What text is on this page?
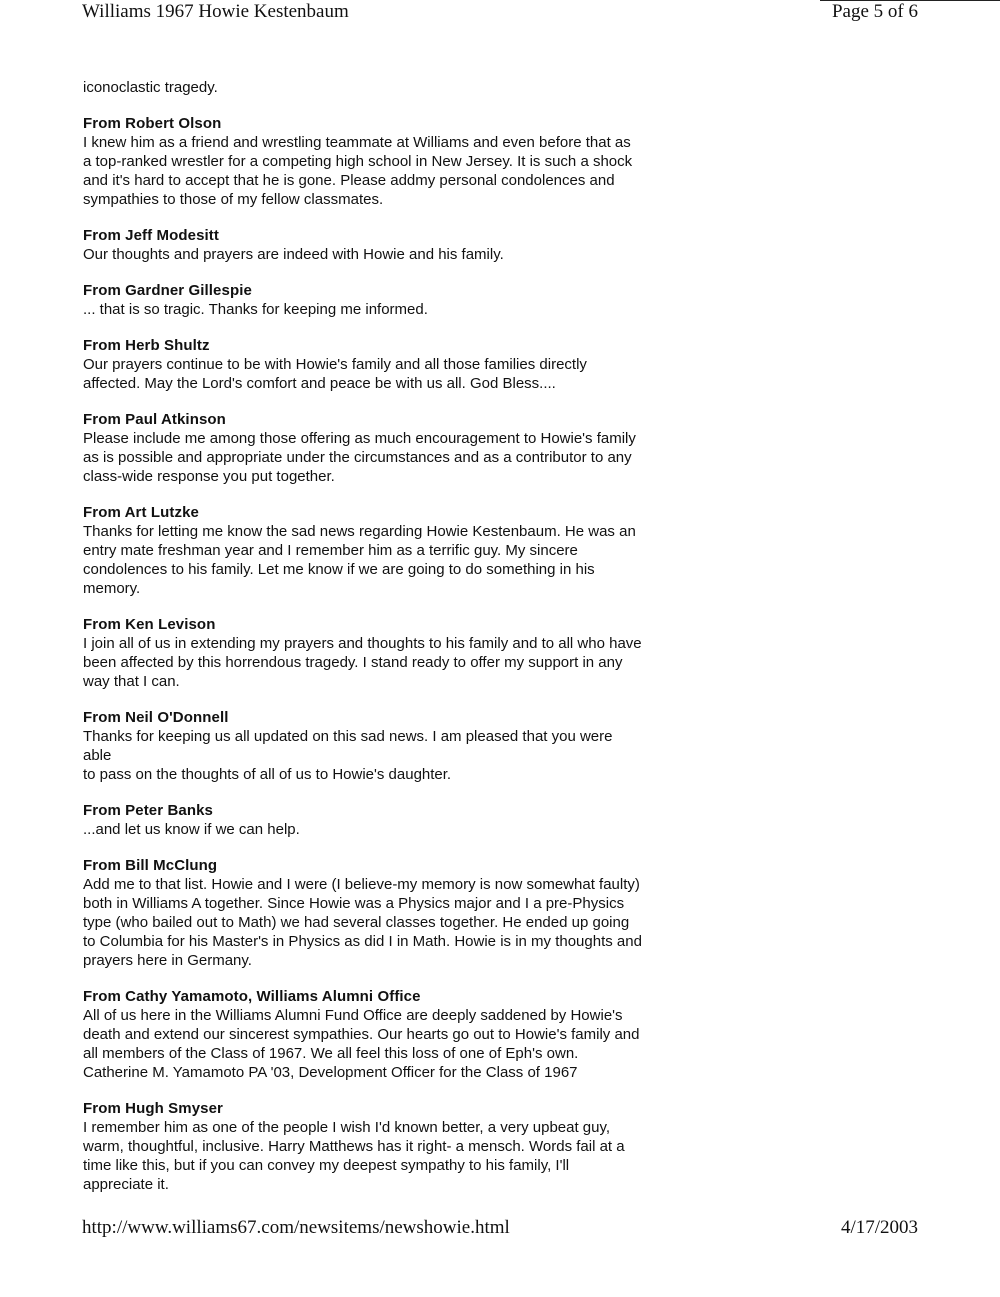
Williams 1967 Howie Kestenbaum	Page 5 of 6

iconoclastic tragedy.

From Robert Olson

I knew him as a friend and wrestling teammate at Williams and even before that as

a top-ranked wrestler for a competing high school in New Jersey. It is such a shock

and it's hard to accept that he is gone. Please addmy personal condolences and

sympathies to those of my fellow classmates.

From Jeff Modesitt

Our thoughts and prayers are indeed with Howie and his family.

From Gardner Gillespie

... that is so tragic. Thanks for keeping me informed.

From Herb Shultz

Our prayers continue to be with Howie's family and all those families directly

affected. May the Lord's comfort and peace be with us all. God Bless....

From Paul Atkinson

Please include me among those offering as much encouragement to Howie's family

as is possible and appropriate under the circumstances and as a contributor to any

class-wide response you put together.

From Art Lutzke

Thanks for letting me know the sad news regarding Howie Kestenbaum. He was an

entry mate freshman year and I remember him as a terrific guy. My sincere

condolences to his family. Let me know if we are going to do something in his

memory.

From Ken Levison

I join all of us in extending my prayers and thoughts to his family and to all who have

been affected by this horrendous tragedy. I stand ready to offer my support in any

way that I can.

From Neil O'Donnell

Thanks for keeping us all updated on this sad news. I am pleased that you were

able

to pass on the thoughts of all of us to Howie's daughter.

From Peter Banks

...and let us know if we can help.

From Bill McClung

Add me to that list. Howie and I were (I believe-my memory is now somewhat faulty)

both in Williams A together. Since Howie was a Physics major and I a pre-Physics

type (who bailed out to Math) we had several classes together. He ended up going

to Columbia for his Master's in Physics as did I in Math. Howie is in my thoughts and

prayers here in Germany.

From Cathy Yamamoto, Williams Alumni Office

All of us here in the Williams Alumni Fund Office are deeply saddened by Howie's

death and extend our sincerest sympathies. Our hearts go out to Howie's family and

all members of the Class of 1967. We all feel this loss of one of Eph's own.

Catherine M. Yamamoto PA '03, Development Officer for the Class of 1967

From Hugh Smyser

I remember him as one of the people I wish I'd known better, a very upbeat guy,

warm, thoughtful, inclusive. Harry Matthews has it right- a mensch. Words fail at a

time like this, but if you can convey my deepest sympathy to his family, I'll

appreciate it.

http://www.williams67.com/newsitems/newshowie.html	4/17/2003
